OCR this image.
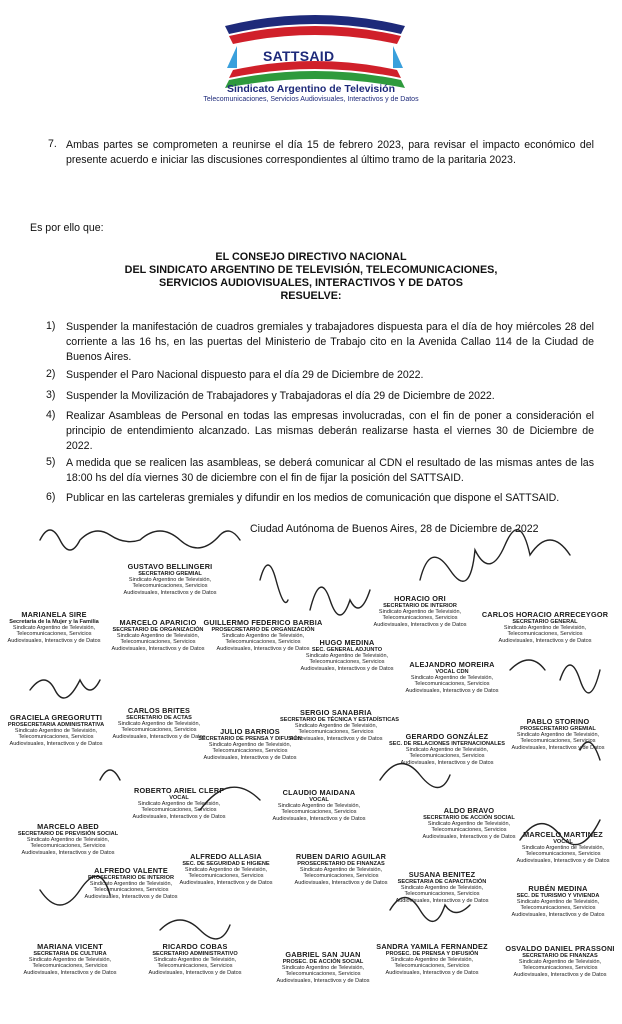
SATTSAID
Sindicato Argentino de Televisión
Telecomunicaciones, Servicios Audiovisuales, Interactivos y de Datos
7. Ambas partes se comprometen a reunirse el día 15 de febrero 2023, para revisar el impacto económico del presente acuerdo e iniciar las discusiones correspondientes al último tramo de la paritaria 2023.
Es por ello que:
EL CONSEJO DIRECTIVO NACIONAL
DEL SINDICATO ARGENTINO DE TELEVISIÓN, TELECOMUNICACIONES,
SERVICIOS AUDIOVISUALES, INTERACTIVOS Y DE DATOS
RESUELVE:
1) Suspender la manifestación de cuadros gremiales y trabajadores dispuesta para el día de hoy miércoles 28 del corriente a las 16 hs, en las puertas del Ministerio de Trabajo cito en la Avenida Callao 114 de la Ciudad de Buenos Aires.
2) Suspender el Paro Nacional dispuesto para el día 29 de Diciembre de 2022.
3) Suspender la Movilización de Trabajadores y Trabajadoras el día 29 de Diciembre de 2022.
4) Realizar Asambleas de Personal en todas las empresas involucradas, con el fin de poner a consideración el principio de entendimiento alcanzado. Las mismas deberán realizarse hasta el viernes 30 de Diciembre de 2022.
5) A medida que se realicen las asambleas, se deberá comunicar al CDN el resultado de las mismas antes de las 18:00 hs del día viernes 30 de diciembre con el fin de fijar la posición del SATTSAID.
6) Publicar en las carteleras gremiales y difundir en los medios de comunicación que dispone el SATTSAID.
Ciudad Autónoma de Buenos Aires, 28 de Diciembre de 2022
GUSTAVO BELLINGERI
SECRETARIO GREMIAL
Sindicato Argentino de Televisión,
Telecomunicaciones, Servicios
Audiovisuales, Interactivos y de Datos
HORACIO ORI
SECRETARIO DE INTERIOR
Sindicato Argentino de Televisión,
Telecomunicaciones, Servicios
Audiovisuales, Interactivos y de Datos
MARIANELA SIRE
Secretaria de la Mujer y la Familia
Sindicato Argentino de Televisión,
Telecomunicaciones, Servicios
Audiovisuales, Interactivos y de Datos
MARCELO APARICIO
SECRETARIO DE ORGANIZACIÓN
Sindicato Argentino de Televisión,
Telecomunicaciones, Servicios
Audiovisuales, Interactivos y de Datos
GUILLERMO FEDERICO BARBIA
PROSECRETARIO DE ORGANIZACIÓN
Sindicato Argentino de Televisión,
Telecomunicaciones, Servicios
Audiovisuales, Interactivos y de Datos
CARLOS HORACIO ARRECEYGOR
SECRETARIO GENERAL
Sindicato Argentino de Televisión,
Telecomunicaciones, Servicios
Audiovisuales, Interactivos y de Datos
HUGO MEDINA
SEC. GENERAL ADJUNTO
Sindicato Argentino de Televisión,
Telecomunicaciones, Servicios
Audiovisuales, Interactivos y de Datos	ALEJANDRO MOREIRA
VOCAL CDN
Sindicato Argentino de Televisión,
Telecomunicaciones, Servicios
Audiovisuales, Interactivos y de Datos
GRACIELA GREGORUTTI
PROSECRETARIA ADMINISTRATIVA
Sindicato Argentino de Televisión,
Telecomunicaciones, Servicios
Audiovisuales, Interactivos y de Datos
CARLOS BRITES
SECRETARIO DE ACTAS
Sindicato Argentino de Televisión,
Telecomunicaciones, Servicios
Audiovisuales, Interactivos y de Datos
SERGIO SANABRIA
SECRETARIO DE TÉCNICA Y ESTADÍSTICAS
Sindicato Argentino de Televisión,
Telecomunicaciones, Servicios
Audiovisuales, Interactivos y de Datos
PABLO STORINO
PROSECRETARIO GREMIAL
Sindicato Argentino de Televisión,
Telecomunicaciones, Servicios
Audiovisuales, Interactivos y de Datos
JULIO BARRIOS
SECRETARIO DE PRENSA Y DIFUSIÓN
Sindicato Argentino de Televisión,
Telecomunicaciones, Servicios
Audiovisuales, Interactivos y de Datos
GERARDO GONZÁLEZ
SEC. DE RELACIONES INTERNACIONALES
Sindicato Argentino de Televisión,
Telecomunicaciones, Servicios
Audiovisuales, Interactivos y de Datos
ROBERTO ARIEL CLERF
VOCAL
Sindicato Argentino de Televisión,
Telecomunicaciones, Servicios
Audiovisuales, Interactivos y de Datos
CLAUDIO MAIDANA
VOCAL
Sindicato Argentino de Televisión,
Telecomunicaciones, Servicios
Audiovisuales, Interactivos y de Datos
MARCELO ABED
SECRETARIO DE PREVISIÓN SOCIAL
Sindicato Argentino de Televisión,
Telecomunicaciones, Servicios
Audiovisuales, Interactivos y de Datos
ALDO BRAVO
SECRETARIO DE ACCIÓN SOCIAL
Sindicato Argentino de Televisión,
Telecomunicaciones, Servicios
Audiovisuales, Interactivos y de Datos	MARCELO MARTINEZ
VOCAL
Sindicato Argentino de Televisión,
Telecomunicaciones, Servicios
Audiovisuales, Interactivos y de Datos
ALFREDO ALLASIA
SEC. DE SEGURIDAD E HIGIENE
Sindicato Argentino de Televisión,
Telecomunicaciones, Servicios
Audiovisuales, Interactivos y de Datos
RUBEN DARIO AGUILAR
PROSECRETARIO DE FINANZAS
Sindicato Argentino de Televisión,
Telecomunicaciones, Servicios
Audiovisuales, Interactivos y de Datos
ALFREDO VALENTE
PROSECRETARIO DE INTERIOR
Sindicato Argentino de Televisión,
Telecomunicaciones, Servicios
Audiovisuales, Interactivos y de Datos
SUSANA BENITEZ
SECRETARIA DE CAPACITACIÓN
Sindicato Argentino de Televisión,
Telecomunicaciones, Servicios
Audiovisuales, Interactivos y de Datos
RUBÉN MEDINA
SEC. DE TURISMO Y VIVIENDA
Sindicato Argentino de Televisión,
Telecomunicaciones, Servicios
Audiovisuales, Interactivos y de Datos
MARIANA VICENT
SECRETARIA DE CULTURA
Sindicato Argentino de Televisión,
Telecomunicaciones, Servicios
Audiovisuales, Interactivos y de Datos
RICARDO COBAS
SECRETARIO ADMINISTRATIVO
Sindicato Argentino de Televisión,
Telecomunicaciones, Servicios
Audiovisuales, Interactivos y de Datos
GABRIEL SAN JUAN
PROSEC. DE ACCIÓN SOCIAL
Sindicato Argentino de Televisión,
Telecomunicaciones, Servicios
Audiovisuales, Interactivos y de Datos
SANDRA YAMILA FERNANDEZ
PROSEC. DE PRENSA Y DIFUSIÓN
Sindicato Argentino de Televisión,
Telecomunicaciones, Servicios
Audiovisuales, Interactivos y de Datos
OSVALDO DANIEL PRASSONI
SECRETARIO DE FINANZAS
Sindicato Argentino de Televisión,
Telecomunicaciones, Servicios
Audiovisuales, Interactivos y de Datos
